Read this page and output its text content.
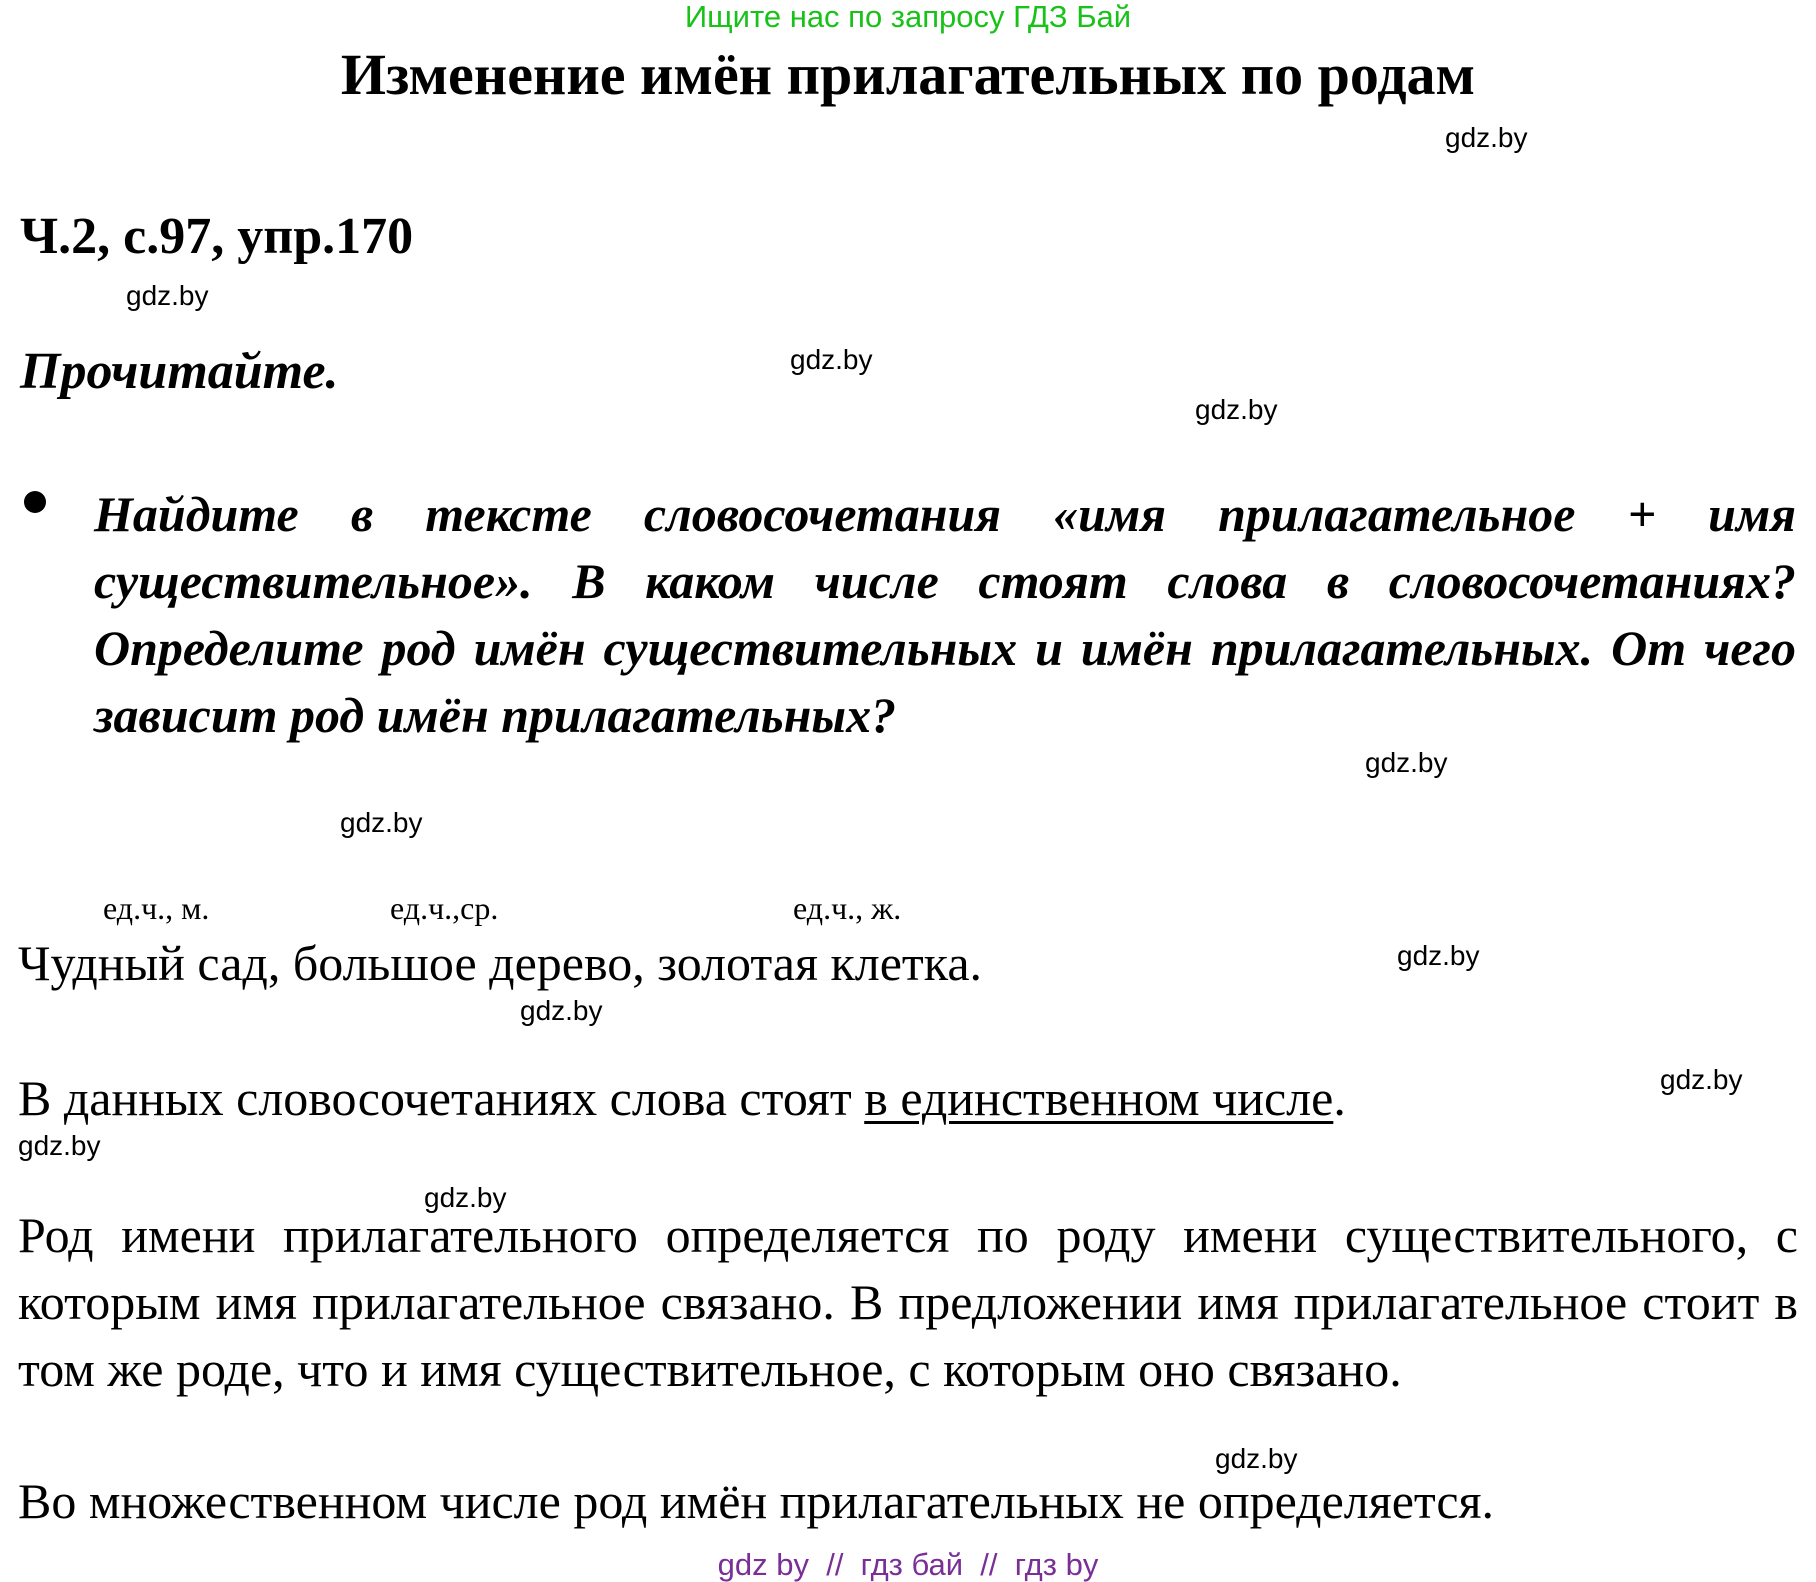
Ищите нас по запросу ГДЗ Бай
Изменение имён прилагательных по родам
gdz.by
Ч.2, с.97, упр.170
gdz.by
Прочитайте.	gdz.by
gdz.by
Найдите в тексте словосочетания «имя прилагательное + имя существительное». В каком числе стоят слова в словосочетаниях? Определите род имён существительных и имён прилагательных. От чего зависит род имён прилагательных?
gdz.by
gdz.by
ед.ч., м.	ед.ч.,ср.	ед.ч., ж.
Чудный сад, большое дерево, золотая клетка.	gdz.by
gdz.by
gdz.by
В данных словосочетаниях слова стоят в единственном числе.
gdz.by
gdz.by
Род имени прилагательного определяется по роду имени существительного, с которым имя прилагательное связано. В предложении имя прилагательное стоит в том же роде, что и имя существительное, с которым оно связано.
gdz.by
Во множественном числе род имён прилагательных не определяется.
gdz by  //  гдз бай  //  гдз by
